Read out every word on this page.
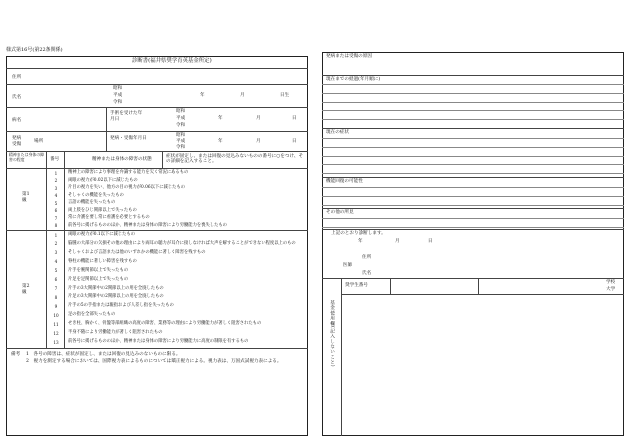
様式第16号(第22条関係)
診断書(福井県奨学育英基金所定)
住所
氏名
昭和
平成
令和
年	月	日生
病名
手術を受けた年月日
昭和
平成
令和
年	月	日
発病
受傷
場所
発病・受傷年月日
昭和
平成
令和
年	月	日
精神または身体の障害の程度	番号	精神または身体の障害の状態
症状が固定し、または回復の見込みないものの番号に○をつけ、その詳細を記入すること。
第1級
1	精神上の障害により事理を弁識する能力を欠く常況にあるもの
2	両眼の視力が0.02以下に減じたもの
3	片目の視力を失い、他方の目の視力が0.06以下に減じたもの
4	そしゃくの機能を失ったもの
5	言語の機能を失ったもの
6	両上肢をひじ関節以上で失ったもの
7	常に介護を要し常に看護を必要とするもの
8	前各号に掲げるもののほか、精神または身体の障害により労働能力を喪失したもの
第2級
1	両眼の視力が0.1以下に減じたもの
2	脳腫の大部分の欠損その他の理由により両耳の聴力が耳介に接しなければ大声を解することができない程度以上のもの
3	そしゃくおよび言語または他のいずれかの機能に著しく障害を残すもの
4	脊柱の機能に著しい障害を残すもの
5	片手を腕関節以上で失ったもの
6	片足を足関節以上で失ったもの
7	片手の3大関節中の2関節以上の用を全廃したもの
8	片足の3大関節中の2関節以上の用を全廃したもの
9	片手の5の手指または親指および人差し指を失ったもの
10	足の指を全部失ったもの
11	せき柱、胸かく、骨盤等部組織の高度の障害、業務等の理由により労働能力が著しく阻害されたもの
12	半身不随により労働能力が著しく阻害されたもの
13	前各号に掲げるもののほか、精神または身体の障害により労働能力に高度の制限を有するもの
備考 1　各号の障害は、症状が固定し、または回復の見込みのないものに限る。
2　視力を測定する場合においては、国際視力表によるものについては矯正視力による。視力表は、万国式試視力表による。
発病または受傷の原因
現在までの経過(年月順に)
現在の症状
機能回復の可能性
その他の所見
上記のとおり診断します。
年	月	日
住所
医師
氏名
基金使用欄(記入しないこと)
奨学生番号
学校
大学
